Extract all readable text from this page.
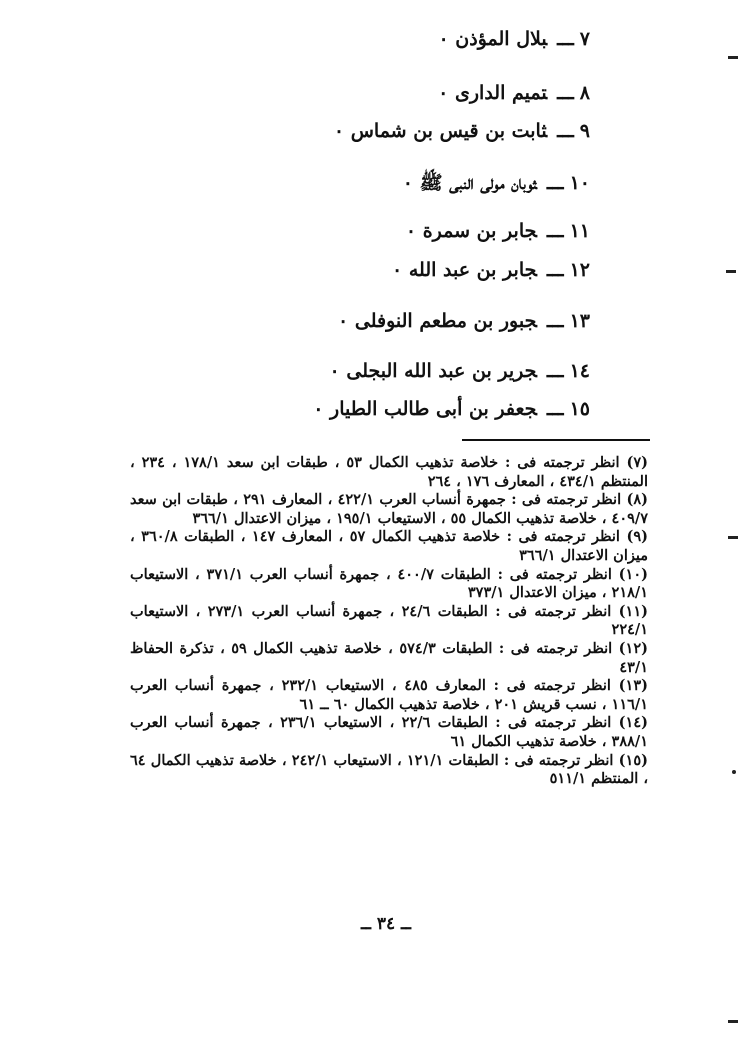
٧ـــبلال المؤذن ٠
٨ـــتميم الدارى ٠
٩ـــثابت بن قيس بن شماس ٠
١٠ـــثوبان مولى النبى ﷺ ٠
١١ـــجابر بن سمرة ٠
١٢ـــجابر بن عبد الله ٠
١٣ـــجبور بن مطعم النوفلى ٠
١٤ـــجرير بن عبد الله البجلى ٠
١٥ـــجعفر بن أبى طالب الطيار ٠

(٧) انظر ترجمته فى : خلاصة تذهيب الكمال ٥٣ ، طبقات ابن سعد ١٧٨/١ ، ٢٣٤ ، المنتظم ٤٣٤/١ ، المعارف ١٧٦ ، ٢٦٤

(٨) انظر ترجمته فى : جمهرة أنساب العرب ٤٢٢/١ ، المعارف ٢٩١ ، طبقات ابن سعد ٤٠٩/٧ ، خلاصة تذهيب الكمال ٥٥ ، الاستيعاب ١٩٥/١ ، ميزان الاعتدال ٣٦٦/١

(٩) انظر ترجمته فى : خلاصة تذهيب الكمال ٥٧ ، المعارف ١٤٧ ، الطبقات ٣٦٠/٨ ، ميزان الاعتدال ٣٦٦/١

(١٠) انظر ترجمته فى : الطبقات ٤٠٠/٧ ، جمهرة أنساب العرب ٣٧١/١ ، الاستيعاب ٢١٨/١ ، ميزان الاعتدال ٣٧٣/١

(١١) انظر ترجمته فى : الطبقات ٢٤/٦ ، جمهرة أنساب العرب ٢٧٣/١ ، الاستيعاب ٢٢٤/١

(١٢) انظر ترجمته فى : الطبقات ٥٧٤/٣ ، خلاصة تذهيب الكمال ٥٩ ، تذكرة الحفاظ ٤٣/١

(١٣) انظر ترجمته فى : المعارف ٤٨٥ ، الاستيعاب ٢٣٢/١ ، جمهرة أنساب العرب ١١٦/١ ، نسب قريش ٢٠١ ، خلاصة تذهيب الكمال ٦٠ ــ ٦١

(١٤) انظر ترجمته فى : الطبقات ٢٢/٦ ، الاستيعاب ٢٣٦/١ ، جمهرة أنساب العرب ٣٨٨/١ ، خلاصة تذهيب الكمال ٦١

(١٥) انظر ترجمته فى : الطبقات ١٢١/١ ، الاستيعاب ٢٤٢/١ ، خلاصة تذهيب الكمال ٦٤ ، المنتظم ٥١١/١

ــ ٣٤ ــ
